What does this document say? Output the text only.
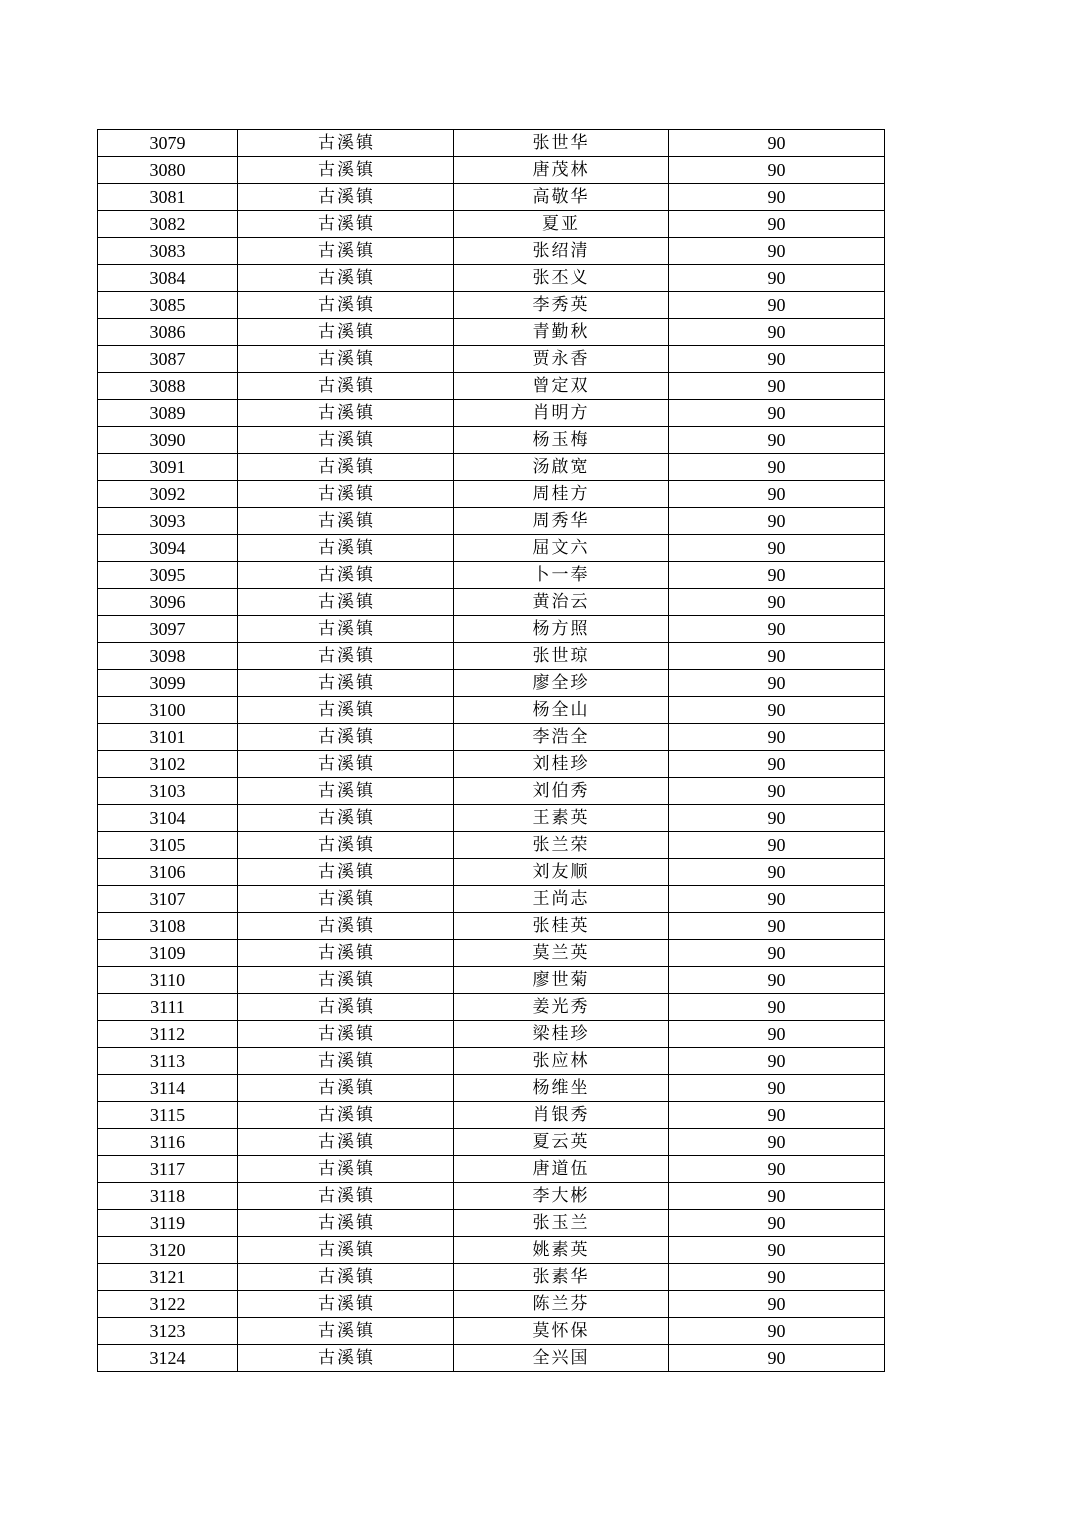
3079	古溪镇	张世华	90
3080	古溪镇	唐茂林	90
3081	古溪镇	高敬华	90
3082	古溪镇	夏亚	90
3083	古溪镇	张绍清	90
3084	古溪镇	张丕义	90
3085	古溪镇	李秀英	90
3086	古溪镇	青勤秋	90
3087	古溪镇	贾永香	90
3088	古溪镇	曾定双	90
3089	古溪镇	肖明方	90
3090	古溪镇	杨玉梅	90
3091	古溪镇	汤啟宽	90
3092	古溪镇	周桂方	90
3093	古溪镇	周秀华	90
3094	古溪镇	屈文六	90
3095	古溪镇	卜一奉	90
3096	古溪镇	黄治云	90
3097	古溪镇	杨方照	90
3098	古溪镇	张世琼	90
3099	古溪镇	廖全珍	90
3100	古溪镇	杨全山	90
3101	古溪镇	李浩全	90
3102	古溪镇	刘桂珍	90
3103	古溪镇	刘伯秀	90
3104	古溪镇	王素英	90
3105	古溪镇	张兰荣	90
3106	古溪镇	刘友顺	90
3107	古溪镇	王尚志	90
3108	古溪镇	张桂英	90
3109	古溪镇	莫兰英	90
3110	古溪镇	廖世菊	90
3111	古溪镇	姜光秀	90
3112	古溪镇	梁桂珍	90
3113	古溪镇	张应林	90
3114	古溪镇	杨维坐	90
3115	古溪镇	肖银秀	90
3116	古溪镇	夏云英	90
3117	古溪镇	唐道伍	90
3118	古溪镇	李大彬	90
3119	古溪镇	张玉兰	90
3120	古溪镇	姚素英	90
3121	古溪镇	张素华	90
3122	古溪镇	陈兰芬	90
3123	古溪镇	莫怀保	90
3124	古溪镇	全兴国	90
